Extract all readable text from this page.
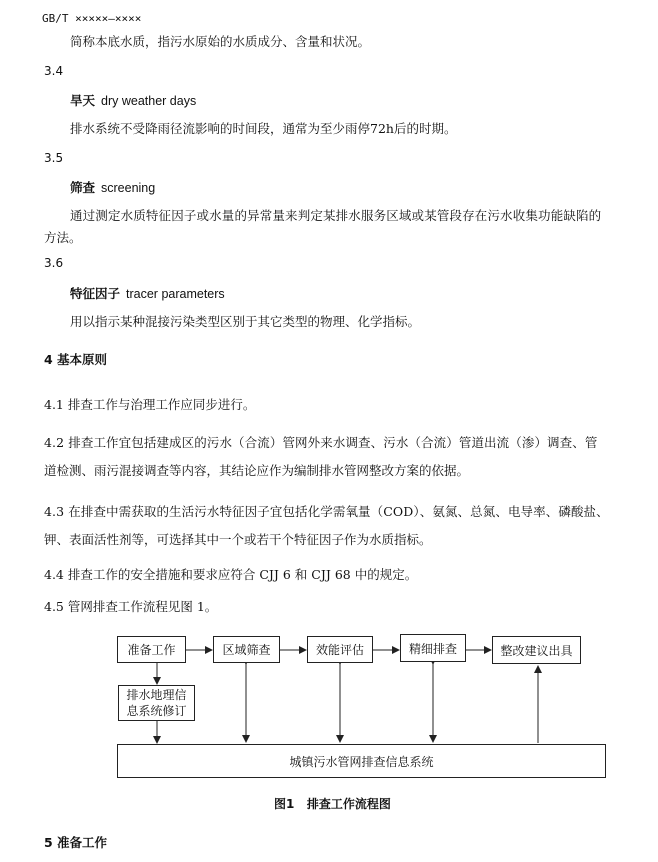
GB/T ×××××—××××
简称本底水质，指污水原始的水质成分、含量和状况。
3.4
旱天 dry weather days
排水系统不受降雨径流影响的时间段，通常为至少雨停72h后的时期。
3.5
筛查 screening
通过测定水质特征因子或水量的异常量来判定某排水服务区域或某管段存在污水收集功能缺陷的
方法。
3.6
特征因子 tracer parameters
用以指示某种混接污染类型区别于其它类型的物理、化学指标。
4 基本原则
4.1 排查工作与治理工作应同步进行。
4.2 排查工作宜包括建成区的污水（合流）管网外来水调查、污水（合流）管道出流（渗）调查、管
道检测、雨污混接调查等内容，其结论应作为编制排水管网整改方案的依据。
4.3 在排查中需获取的生活污水特征因子宜包括化学需氧量（COD）、氨氮、总氮、电导率、磷酸盐、
钾、表面活性剂等，可选择其中一个或若干个特征因子作为水质指标。
4.4 排查工作的安全措施和要求应符合 CJJ 6 和 CJJ 68 中的规定。
4.5 管网排查工作流程见图 1。
准备工作	区域筛查	效能评估	精细排查	整改建议出具
排水地理信
息系统修订
城镇污水管网排查信息系统
图1   排查工作流程图
5 准备工作
